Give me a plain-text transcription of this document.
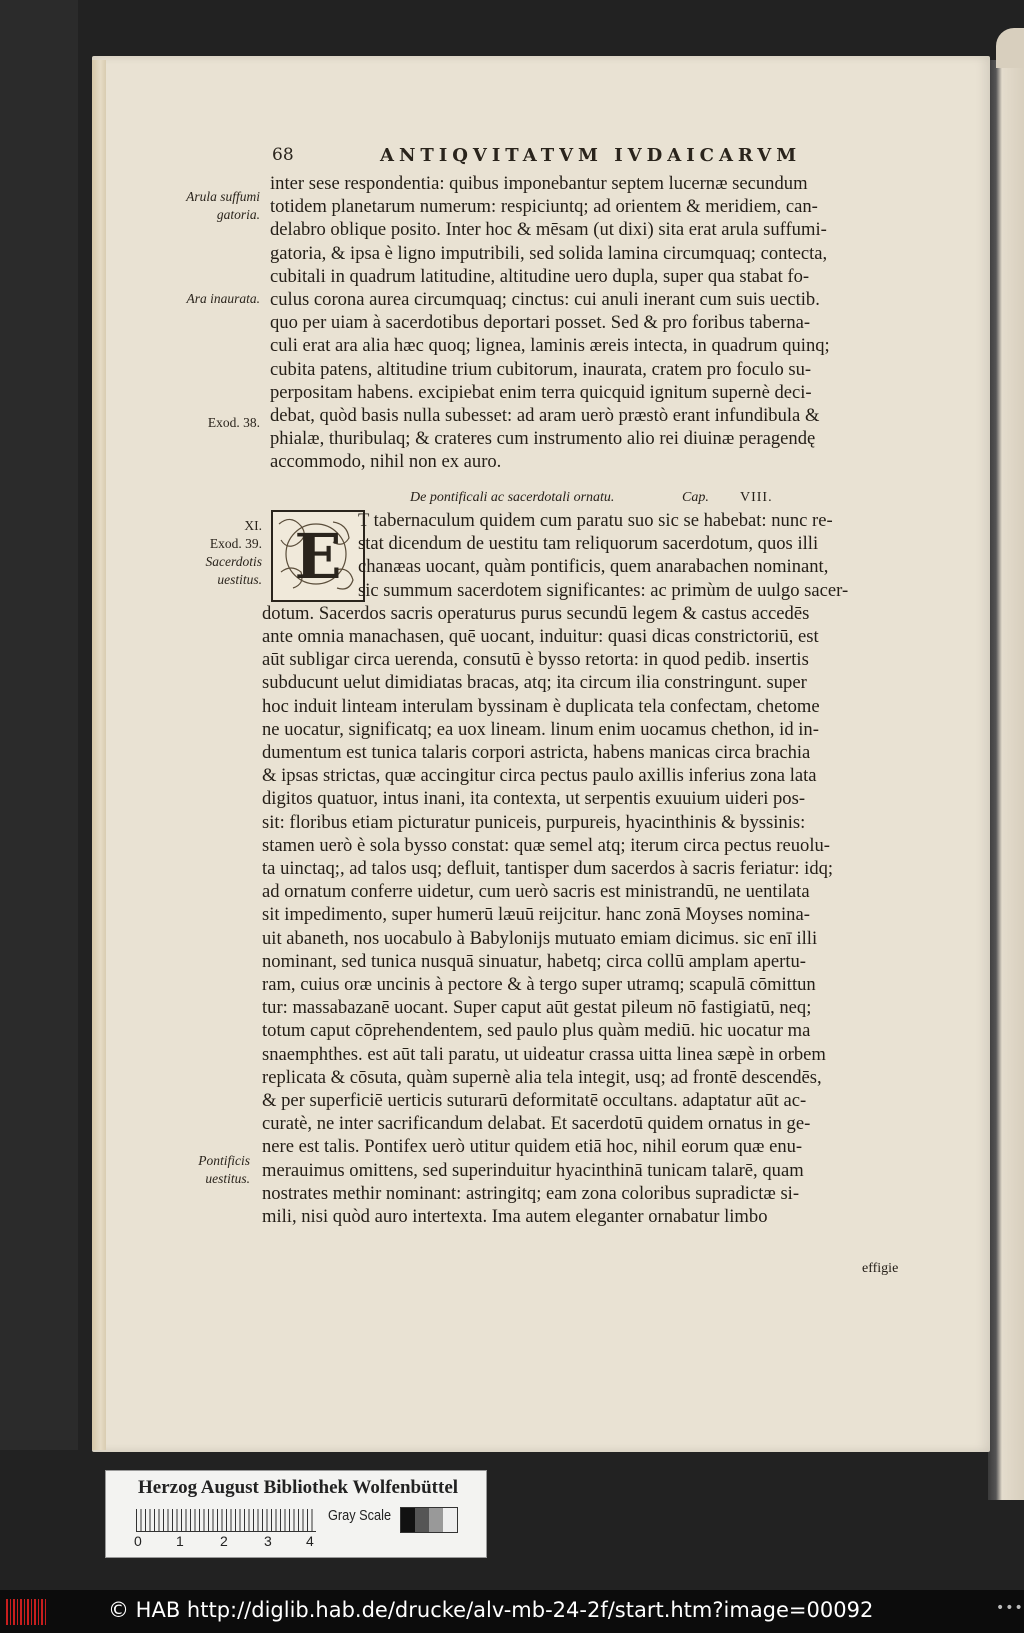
68	ANTIQVITATVM IVDAICARVM
Arula suffumi gatoria.
Ara inaurata.
Exod. 38.
XI.
Exod. 39.
Sacerdotis uestitus.
Pontificis uestitus.
inter sese respondentia: quibus imponebantur septem lucernæ secundum
totidem planetarum numerum: respiciuntq; ad orientem & meridiem, can-
delabro oblique posito. Inter hoc & mēsam (ut dixi) sita erat arula suffumi-
gatoria, & ipsa è ligno imputribili, sed solida lamina circumquaq; contecta,
cubitali in quadrum latitudine, altitudine uero dupla, super qua stabat fo-
culus corona aurea circumquaq; cinctus: cui anuli inerant cum suis uectib.
quo per uiam à sacerdotibus deportari posset. Sed & pro foribus taberna-
culi erat ara alia hæc quoq; lignea, laminis æreis intecta, in quadrum quinq;
cubita patens, altitudine trium cubitorum, inaurata, cratem pro foculo su-
perpositam habens. excipiebat enim terra quicquid ignitum supernè deci-
debat, quòd basis nulla subesset: ad aram uerò præstò erant infundibula &
phialæ, thuribulaq; & crateres cum instrumento alio rei diuinæ peragendę
accommodo, nihil non ex auro.
De pontificali ac sacerdotali ornatu.	Cap. VIII.
E T tabernaculum quidem cum paratu suo sic se habebat: nunc re-
stat dicendum de uestitu tam reliquorum sacerdotum, quos illi
chanæas uocant, quàm pontificis, quem anarabachen nominant,
sic summum sacerdotem significantes: ac primùm de uulgo sacer-
dotum. Sacerdos sacris operaturus purus secundū legem & castus accedēs
ante omnia manachasen, quē uocant, induitur: quasi dicas constrictoriū, est
aūt subligar circa uerenda, consutū è bysso retorta: in quod pedib. insertis
subducunt uelut dimidiatas bracas, atq; ita circum ilia constringunt. super
hoc induit linteam interulam byssinam è duplicata tela confectam, chetome
ne uocatur, significatq; ea uox lineam. linum enim uocamus chethon, id in-
dumentum est tunica talaris corpori astricta, habens manicas circa brachia
& ipsas strictas, quæ accingitur circa pectus paulo axillis inferius zona lata
digitos quatuor, intus inani, ita contexta, ut serpentis exuuium uideri pos-
sit: floribus etiam picturatur puniceis, purpureis, hyacinthinis & byssinis:
stamen uerò è sola bysso constat: quæ semel atq; iterum circa pectus reuolu-
ta uinctaq;, ad talos usq; defluit, tantisper dum sacerdos à sacris feriatur: idq;
ad ornatum conferre uidetur, cum uerò sacris est ministrandū, ne uentilata
sit impedimento, super humerū læuū reijcitur. hanc zonā Moyses nomina-
uit abaneth, nos uocabulo à Babylonijs mutuato emiam dicimus. sic enī illi
nominant, sed tunica nusquā sinuatur, habetq; circa collū amplam apertu-
ram, cuius oræ uncinis à pectore & à tergo super utramq; scapulā cōmittun
tur: massabazanē uocant. Super caput aūt gestat pileum nō fastigiatū, neq;
totum caput cōprehendentem, sed paulo plus quàm mediū. hic uocatur ma
snaemphthes. est aūt tali paratu, ut uideatur crassa uitta linea sæpè in orbem
replicata & cōsuta, quàm supernè alia tela integit, usq; ad frontē descendēs,
& per superficiē uerticis suturarū deformitatē occultans. adaptatur aūt ac-
curatè, ne inter sacrificandum delabat. Et sacerdotū quidem ornatus in ge-
nere est talis. Pontifex uerò utitur quidem etiā hoc, nihil eorum quæ enu-
merauimus omittens, sed superinduitur hyacinthinā tunicam talarē, quam
nostrates methir nominant: astringitq; eam zona coloribus supradictæ si-
mili, nisi quòd auro intertexta. Ima autem eleganter ornabatur limbo
effigie
Herzog August Bibliothek Wolfenbüttel
0 1	2	3 4
Gray Scale
© HAB http://diglib.hab.de/drucke/alv-mb-24-2f/start.htm?image=00092	•••
